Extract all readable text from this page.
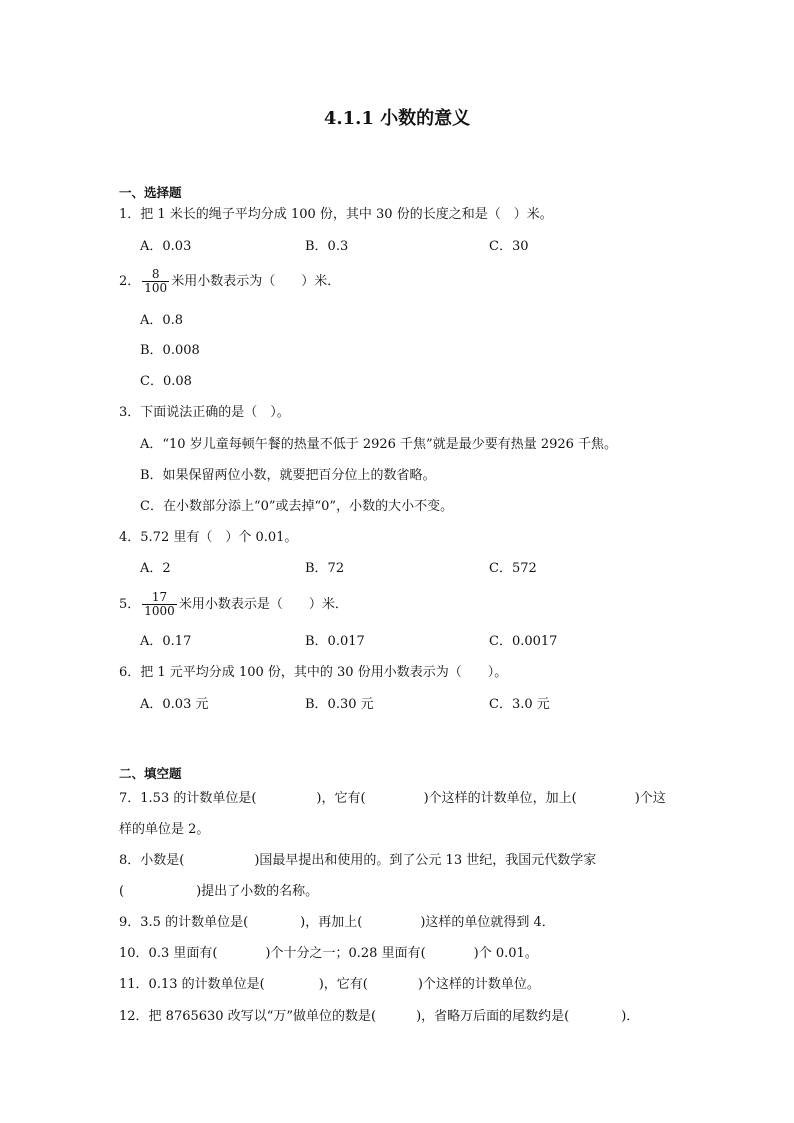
4.1.1 小数的意义
一、选择题
1．把 1 米长的绳子平均分成 100 份，其中 30 份的长度之和是（　）米。
A．0.03	B．0.3	C．30
2． $\frac{8}{100}$ 米用小数表示为（　　）米．
A．0.8
B．0.008
C．0.08
3．下面说法正确的是（　）。
A．“10 岁儿童每顿午餐的热量不低于 2926 千焦”就是最少要有热量 2926 千焦。
B．如果保留两位小数，就要把百分位上的数省略。
C．在小数部分添上“0”或去掉“0”，小数的大小不变。
4．5.72 里有（　）个 0.01。
A．2	B．72	C．572
5． $\frac{17}{1000}$ 米用小数表示是（　　）米．
A．0.17	B．0.017	C．0.0017
6．把 1 元平均分成 100 份，其中的 30 份用小数表示为（　　）。
A．0.03 元	B．0.30 元	C．3.0 元
二、填空题
7．1.53 的计数单位是(	)，它有(	)个这样的计数单位，加上(	)个这
样的单位是 2。
8．小数是(	)国最早提出和使用的。到了公元 13 世纪，我国元代数学家
(	)提出了小数的名称。
9．3.5 的计数单位是(	)，再加上(	)这样的单位就得到 4．
10．0.3 里面有(	)个十分之一；0.28 里面有(	)个 0.01。
11．0.13 的计数单位是(	)，它有(	)个这样的计数单位。
12．把 8765630 改写以“万”做单位的数是(	)，省略万后面的尾数约是(	)．
